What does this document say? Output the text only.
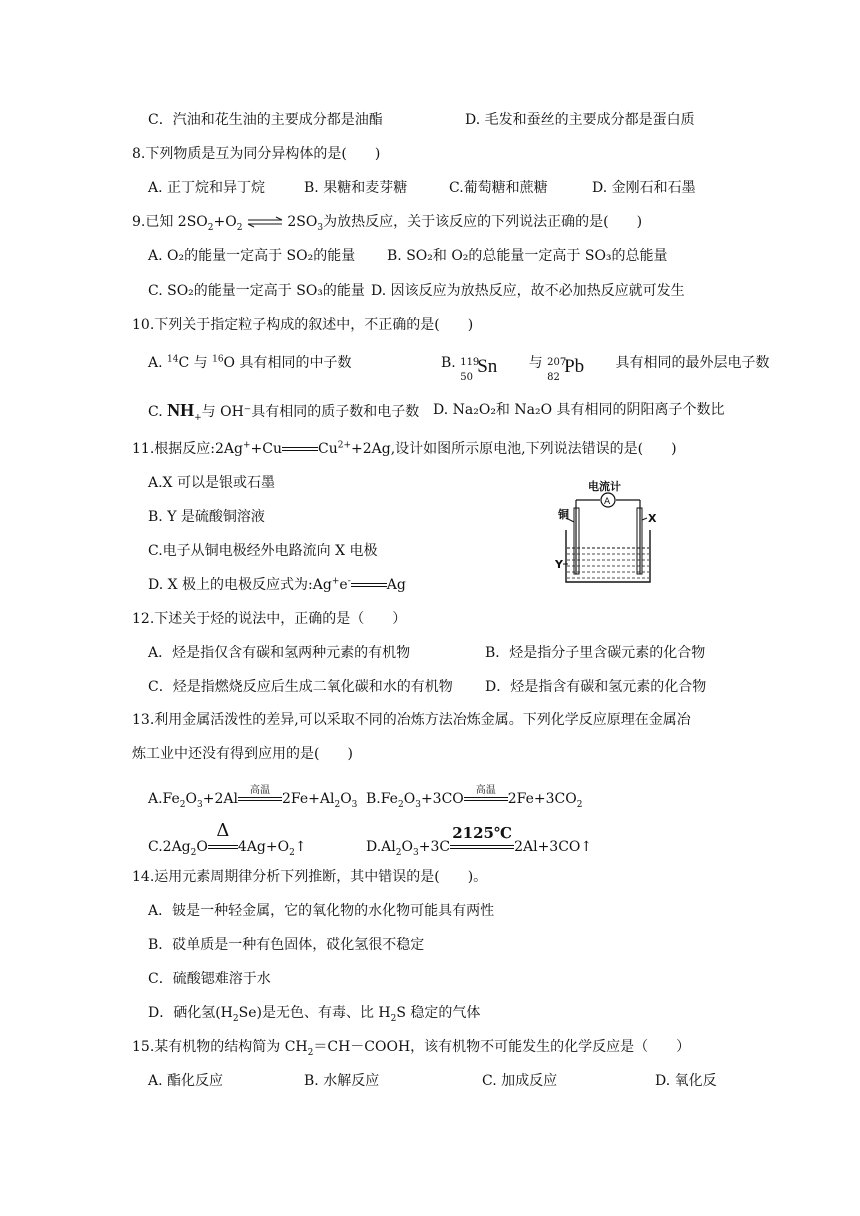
C．汽油和花生油的主要成分都是油酯	D. 毛发和蚕丝的主要成分都是蛋白质
8.下列物质是互为同分异构体的是(　　)
A. 正丁烷和异丁烷	B. 果糖和麦芽糖	C.葡萄糖和蔗糖	D. 金刚石和石墨
9.已知 $2SO_2+O_2$ ⇌ $2SO_3$为放热反应，关于该反应的下列说法正确的是(　　)
A. O₂的能量一定高于 SO₂的能量 B. SO₂和 O₂的总能量一定高于 SO₃的总能量
C. SO₂的能量一定高于 SO₃的能量 D. 因该反应为放热反应，故不必加热反应就可发生
10.下列关于指定粒子构成的叙述中，不正确的是(　　)
A. $^{14}$C 与 $^{16}$O 具有相同的中子数	B. 119
50
Sn 与 207
82
Pb 具有相同的最外层电子数
C. $NH_+$与 OH⁻具有相同的质子数和电子数 D. Na₂O₂和 Na₂O 具有相同的阴阳离子个数比
11.根据反应:2Ag++Cu	$Cu^{2+}+2Ag$,设计如图所示原电池,下列说法错误的是(　　)
A.X 可以是银或石墨
B. Y 是硫酸铜溶液
C.电子从铜电极经外电路流向 X 电极
D. X 极上的电极反应式为:Ag+e-	Ag
电流计
A
铜	X
Y
12.下述关于烃的说法中，正确的是（　　）
A．烃是指仅含有碳和氢两种元素的有机物	B．烃是指分子里含碳元素的化合物
C．烃是指燃烧反应后生成二氧化碳和水的有机物 D．烃是指含有碳和氢元素的化合物
13.利用金属活泼性的差异,可以采取不同的冶炼方法冶炼金属。下列化学反应原理在金属冶
炼工业中还没有得到应用的是(　　)
$A.Fe_2O_3+2Al$
高温
$2Fe+Al_2O_3$ $B.Fe_2O_3+3CO$
高温
$2Fe+3CO_2$
$C.2Ag_2O$
Δ
$4Ag+O_2↑$	$D.Al_2O_3+3C$
2125℃
2Al+3CO↑
14.运用元素周期律分析下列推断，其中错误的是(　　)。
A．铍是一种轻金属，它的氧化物的水化物可能具有两性
B．砹单质是一种有色固体，砹化氢很不稳定
C．硫酸锶难溶于水
D．硒化氢$(H_2Se)$是无色、有毒、比 $H_2S$ 稳定的气体
15.某有机物的结构简为 $CH_2=CH-COOH$，该有机物不可能发生的化学反应是（　　）
A. 酯化反应	B. 水解反应	C. 加成反应	D. 氧化反
